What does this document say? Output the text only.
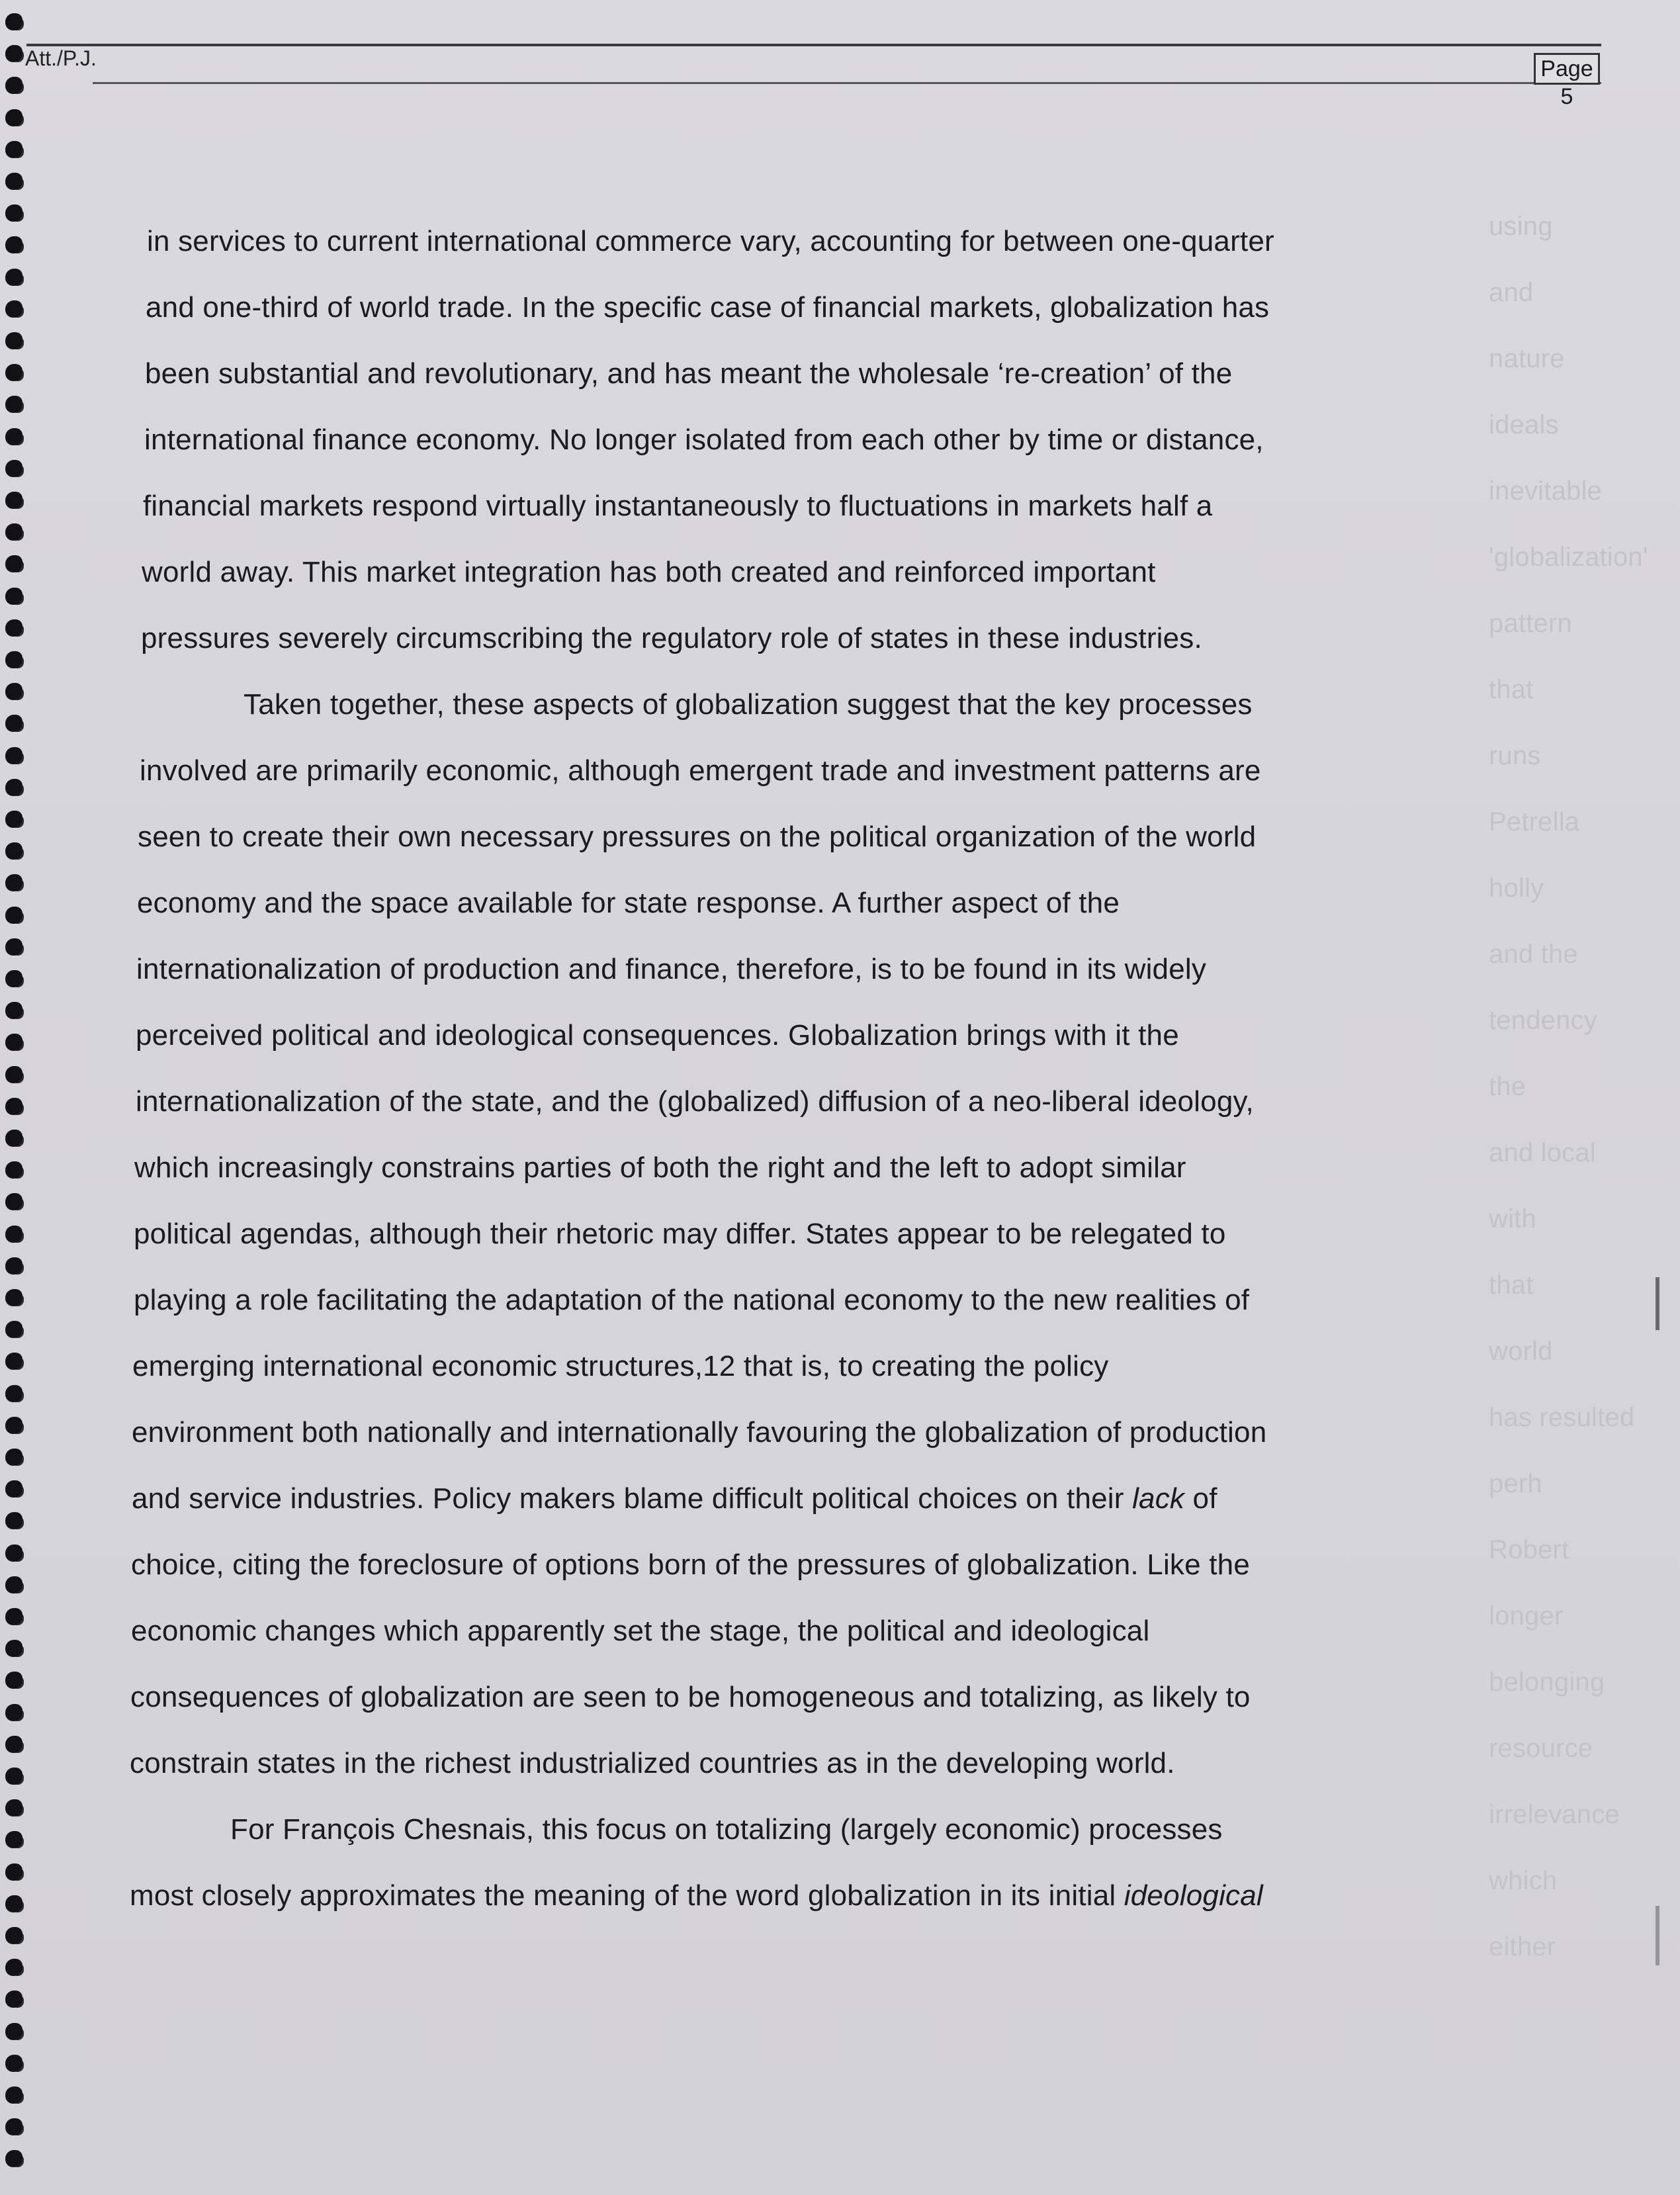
Att./P.J.	Page 5
in services to current international commerce vary, accounting for between one-quarter
and one-third of world trade. In the specific case of financial markets, globalization has
been substantial and revolutionary, and has meant the wholesale ‘re-creation’ of the
international finance economy. No longer isolated from each other by time or distance,
financial markets respond virtually instantaneously to fluctuations in markets half a
world away. This market integration has both created and reinforced important
pressures severely circumscribing the regulatory role of states in these industries.
Taken together, these aspects of globalization suggest that the key processes
involved are primarily economic, although emergent trade and investment patterns are
seen to create their own necessary pressures on the political organization of the world
economy and the space available for state response. A further aspect of the
internationalization of production and finance, therefore, is to be found in its widely
perceived political and ideological consequences. Globalization brings with it the
internationalization of the state, and the (globalized) diffusion of a neo-liberal ideology,
which increasingly constrains parties of both the right and the left to adopt similar
political agendas, although their rhetoric may differ. States appear to be relegated to
playing a role facilitating the adaptation of the national economy to the new realities of
emerging international economic structures,12 that is, to creating the policy
environment both nationally and internationally favouring the globalization of production
and service industries. Policy makers blame difficult political choices on their lack of
choice, citing the foreclosure of options born of the pressures of globalization. Like the
economic changes which apparently set the stage, the political and ideological
consequences of globalization are seen to be homogeneous and totalizing, as likely to
constrain states in the richest industrialized countries as in the developing world.
For François Chesnais, this focus on totalizing (largely economic) processes
most closely approximates the meaning of the word globalization in its initial ideological
using
and
nature
ideals
inevitable
'globalization'
pattern
that
runs
Petrella
holly
and the
tendency
the
and local
with
that
world
has resulted
perh
Robert
longer
belonging
resource
irrelevance
which
either
